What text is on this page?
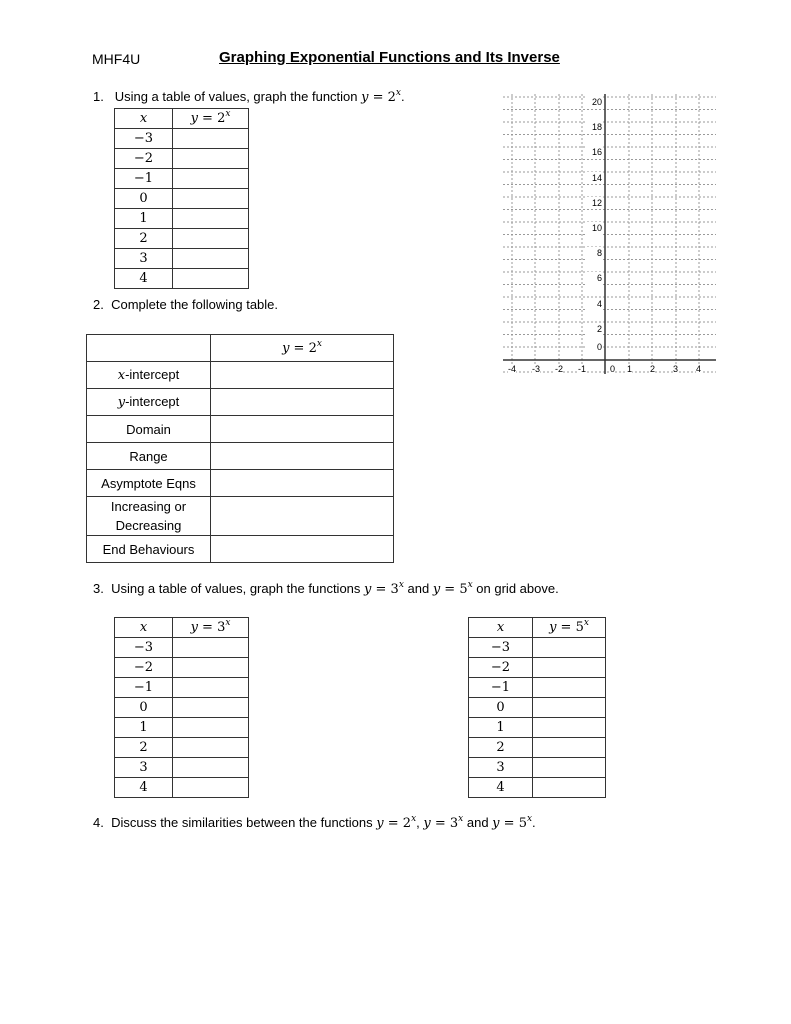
MHF4U	Graphing Exponential Functions and Its Inverse
1. Using a table of values, graph the function $y = 2^x$.
x	$y = 2^x$
−3	
−2	
−1	
0	
1	
2	
3	
4	
20
18
16
14
12
10
8
6
4
2
0
-4 -3 -2 -1	0 1 2 3 4
2. Complete the following table.
	$y = 2^x$
x-intercept	
y-intercept	
Domain	
Range	
Asymptote Eqns	

Increasing or
Decreasing	

End Behaviours	
3. Using a table of values, graph the functions $y = 3^x$ and $y = 5^x$ on grid above.
x	$y = 3^x$
−3	
−2	
−1	
0	
1	
2	
3	
4	
x	$y = 5^x$
−3	
−2	
−1	
0	
1	
2	
3	
4	
4. Discuss the similarities between the functions $y = 2^x$, $y = 3^x$ and $y = 5^x$.
